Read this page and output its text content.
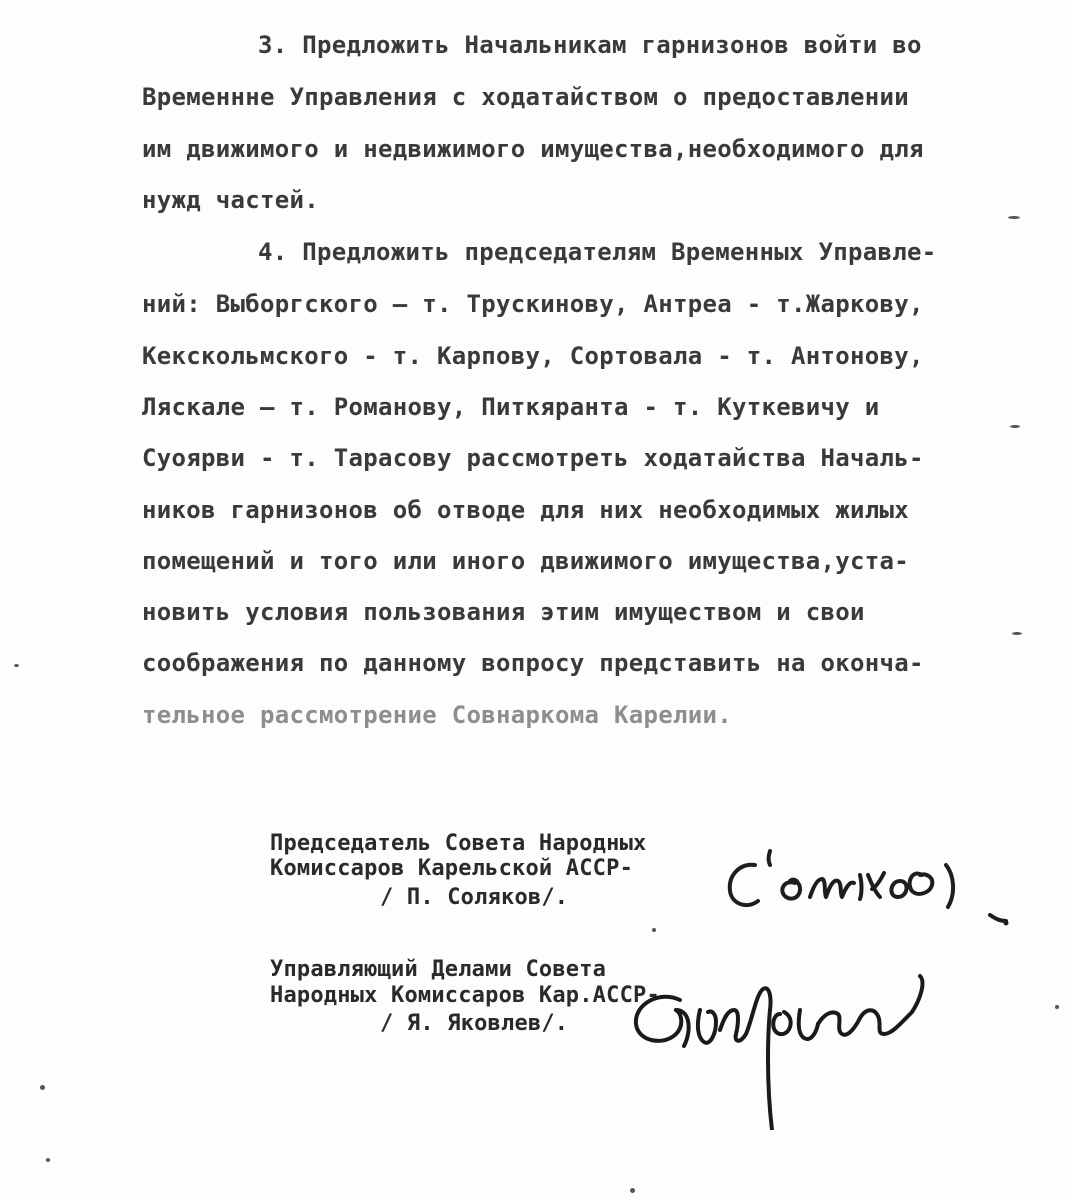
3. Предложить Начальникам гарнизонов войти во
Временнне Управления с ходатайством о предоставлении
им движимого и недвижимого имущества,необходимого для
нужд частей.
4. Предложить председателям Временных Управле-
ний: Выборгского – т. Трускинову, Антреа - т.Жаркову,
Кекскольмского - т. Карпову, Сортовала - т. Антонову,
Ляскале – т. Романову, Питкяранта - т. Куткевичу и
Суоярви - т. Тарасову рассмотреть ходатайства Началь-
ников гарнизонов об отводе для них необходимых жилых
помещений и того или иного движимого имущества,уста-
новить условия пользования этим имуществом и свои
соображения по данному вопросу представить на оконча-
тельное рассмотрение Совнаркома Карелии.
Председатель Совета Народных
Комиссаров Карельской АССР-
/ П. Соляков/.
Управляющий Делами Совета
Народных Комиссаров Кар.АССР-
/ Я. Яковлев/.
